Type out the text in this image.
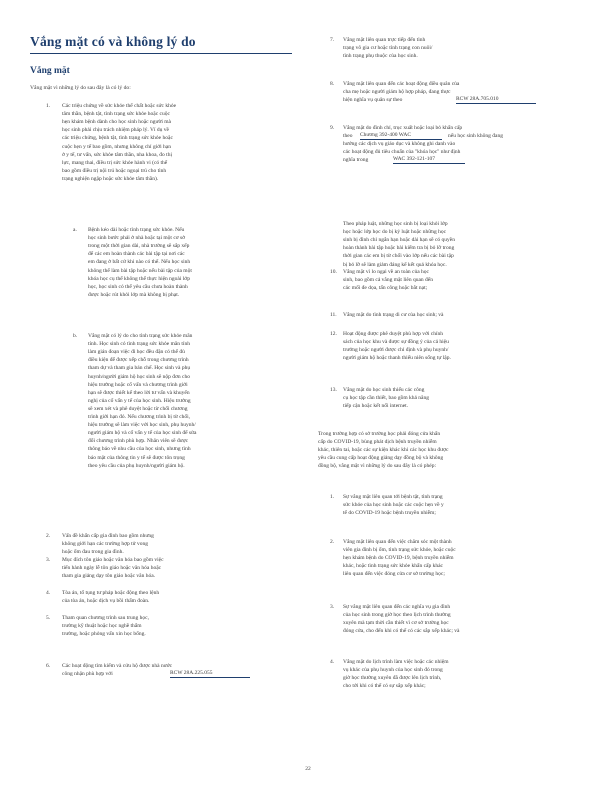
Vắng mặt có và không lý do
Vắng mặt
Vắng mặt vì những lý do sau đây là có lý do:
22
1. Các triệu chứng về sức khỏe thể chất hoặc sức khỏe
tâm thần, bệnh tật, tình trạng sức khỏe hoặc cuộc
hẹn khám bệnh dành cho học sinh hoặc người mà
học sinh phải chịu trách nhiệm pháp lý. Ví dụ về
các triệu chứng, bệnh tật, tình trạng sức khỏe hoặc
cuộc hẹn y tế bao gồm, nhưng không chỉ giới hạn
ở y tế, tư vấn, sức khỏe tâm thần, nha khoa, đo thị
lực, mang thai, điều trị sức khỏe hành vi (có thể
bao gồm điều trị nội trú hoặc ngoại trú cho tình
trạng nghiện ngập hoặc sức khỏe tâm thần).
a. Bệnh kéo dài hoặc tình trạng sức khỏe. Nếu
học sinh bước phải ở nhà hoặc tại một cơ sở
trong một thời gian dài, nhà trường sẽ sắp xếp
để các em hoàn thành các bài tập tại nơi các
em đang ở bất cứ khi nào có thể. Nếu học sinh
không thể làm bài tập hoặc nếu bài tập của một
khóa học cụ thể không thể thực hiện ngoài lớp
học, học sinh có thể yêu cầu chưa hoàn thành
được hoặc rút khỏi lớp mà không bị phạt.
b. Vắng mặt có lý do cho tình trạng sức khỏe mãn
tính. Học sinh có tình trạng sức khỏe mãn tính
làm gián đoạn việc đi học đều đặn có thể đủ
điều kiện để được xếp chỗ trong chương trình
tham dự và tham gia bán chế. Học sinh và phụ
huynh/người giám hộ học sinh sẽ nộp đơn cho
hiệu trưởng hoặc cố vấn và chương trình giới
hạn sẽ được thiết kế theo lời tư vấn và khuyến
nghị của cố vấn y tế của học sinh. Hiệu trưởng
sẽ xem xét và phê duyệt hoặc từ chối chương
trình giới hạn đó. Nếu chương trình bị từ chối,
hiệu trưởng sẽ làm việc với học sinh, phụ huynh/
người giám hộ và cố vấn y tế của học sinh để sửa
đổi chương trình phù hợp. Nhân viên sẽ được
thông báo về nhu cầu của học sinh, nhưng tình
báo mật của thông tin y tế sẽ được tôn trọng
theo yêu cầu của phụ huynh/người giám hộ.
2. Vấn đề khẩn cấp gia đình bao gồm nhưng
không giới hạn các trường hợp tử vong
hoặc ốm đau trong gia đình.
3. Mục đích tôn giáo hoặc văn hóa bao gồm việc
tiến hành ngày lễ tôn giáo hoặc văn hóa hoặc
tham gia giảng dạy tôn giáo hoặc văn hóa.
4. Tòa án, tố tụng tư pháp hoặc động theo lệnh
của tòa án, hoặc dịch vụ bồi thẩm đoàn.
5. Tham quan chương trình sau trung học,
trường kỹ thuật hoặc học nghề thẩm
trường, hoặc phỏng vấn xin học bổng.
6. Các hoạt động tìm kiếm và cứu hộ được nhà nước
công nhận phù hợp với	RCW 28A.225.055
7. Vắng mặt liên quan trực tiếp đến tình
trạng vô gia cư hoặc tình trạng con nuôi/
tình trạng phụ thuộc của học sinh.
8. Vắng mặt liên quan đến các hoạt động điều quân của
cha mẹ hoặc người giám hộ hợp pháp, đang thực
hiện nghĩa vụ quân sự theo	RCW 28A.705.010
9. Vắng mặt do đình chỉ, trục xuất hoặc loại bỏ khẩn cấp
theo Chương 392-400 WAC	nếu học sinh không đang
hướng các dịch vụ giáo dục và không ghi danh vào
các hoạt động đủ tiêu chuẩn của "khóa học" như định
nghĩa trong	WAC 392-121-107
Theo pháp luật, những học sinh bị loại khỏi lớp
học hoặc lớp học do bị kỷ luật hoặc những học
sinh bị đình chỉ ngắn hạn hoặc dài hạn sẽ có quyền
hoàn thành bài tập hoặc bài kiểm tra bị bỏ lỡ trong
thời gian các em bị từ chối vào lớp nếu các bài tập
bị bỏ lỡ sẽ làm giảm đáng kể kết quả khóa học.
10. Vắng mặt vì lo ngại về an toàn của học
sinh, bao gồm cả vắng mặt liên quan đến
các mối đe dọa, tấn công hoặc bắt nạt;
11. Vắng mặt do tình trạng di cư của học sinh; và
12. Hoạt động được phê duyệt phù hợp với chính
sách của học khu và được sự đồng ý của cả hiệu
trưởng hoặc người được chỉ định và phụ huynh/
người giám hộ hoặc thanh thiếu niên sống tự lập.
13. Vắng mặt do học sinh thiếu các công
cụ học tập cần thiết, bao gồm khả năng
tiếp cận hoặc kết nối internet.
Trong trường hợp có sở trường học phải đóng cửa khẩn
cấp do COVID-19, bùng phát dịch bệnh truyền nhiễm
khác, thiên tai, hoặc các sự kiện khác khi các học khu được
yêu cầu cung cấp hoạt động giảng dạy đồng bộ và không
đồng bộ, vắng mặt vì những lý do sau đây là có phép:
1. Sự vắng mặt liên quan tới bệnh tật, tình trạng
sức khỏe của học sinh hoặc các cuộc hẹn về y
tế do COVID-19 hoặc bệnh truyền nhiễm;
2. Vắng mặt liên quan đến việc chăm sóc một thành
viên gia đình bị ốm, tình trạng sức khỏe, hoặc cuộc
hẹn khám bệnh do COVID-19, bệnh truyền nhiễm
khác, hoặc tình trạng sức khỏe khẩn cấp khác
liên quan đến việc đóng cửa cơ sở trường học;
3. Sự vắng mặt liên quan đến các nghĩa vụ gia đình
của học sinh trong giờ học theo lịch trình thường
xuyên mà tạm thời cần thiết vì cơ sở trường học
đóng cửa, cho đến khi có thể có các sắp xếp khác; và
4. Vắng mặt do lịch trình làm việc hoặc các nhiệm
vụ khác của phụ huynh của học sinh đó trong
giờ học thường xuyên đã được lên lịch trình,
cho tới khi có thể có sự sắp xếp khác;
